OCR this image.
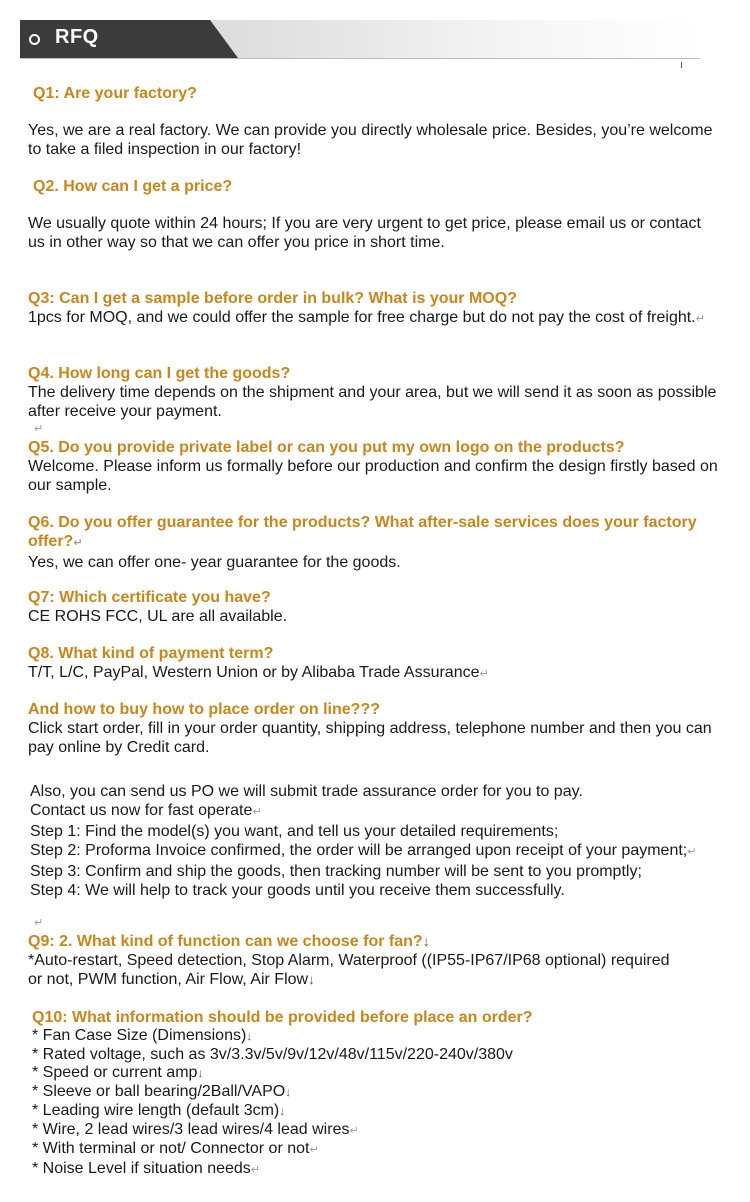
RFQ

Q1: Are your factory?

Yes, we are a real factory. We can provide you directly wholesale price. Besides, you’re welcome to take a filed inspection in our factory!

Q2. How can I get a price?

We usually quote within 24 hours; If you are very urgent to get price, please email us or contact us in other way so that we can offer you price in short time.

Q3: Can I get a sample before order in bulk? What is your MOQ?

1pcs for MOQ, and we could offer the sample for free charge but do not pay the cost of freight.↵

Q4. How long can I get the goods?

The delivery time depends on the shipment and your area, but we will send it as soon as possible after receive your payment.

↵

Q5. Do you provide private label or can you put my own logo on the products?

Welcome. Please inform us formally before our production and confirm the design firstly based on our sample.

Q6. Do you offer guarantee for the products? What after-sale services does your factory offer?↵

Yes, we can offer one- year guarantee for the goods.

Q7: Which certificate you have?

CE ROHS FCC, UL are all available.

Q8. What kind of payment term?

T/T, L/C, PayPal, Western Union or by Alibaba Trade Assurance↵

And how to buy how to place order on line???

Click start order, fill in your order quantity, shipping address, telephone number and then you can pay online by Credit card.

Also, you can send us PO we will submit trade assurance order for you to pay.

Contact us now for fast operate↵

Step 1: Find the model(s) you want, and tell us your detailed requirements;

Step 2: Proforma Invoice confirmed, the order will be arranged upon receipt of your payment;↵

Step 3: Confirm and ship the goods, then tracking number will be sent to you promptly;

Step 4: We will help to track your goods until you receive them successfully.

↵

Q9: 2. What kind of function can we choose for fan?↓

*Auto-restart, Speed detection, Stop Alarm, Waterproof ((IP55-IP67/IP68 optional) required or not, PWM function, Air Flow, Air Flow↓

Q10: What information should be provided before place an order?

* Fan Case Size (Dimensions)↓

* Rated voltage, such as 3v/3.3v/5v/9v/12v/48v/115v/220-240v/380v

* Speed or current amp↓

* Sleeve or ball bearing/2Ball/VAPO↓

* Leading wire length (default 3cm)↓

* Wire, 2 lead wires/3 lead wires/4 lead wires↵

* With terminal or not/ Connector or not↵

* Noise Level if situation needs↵
